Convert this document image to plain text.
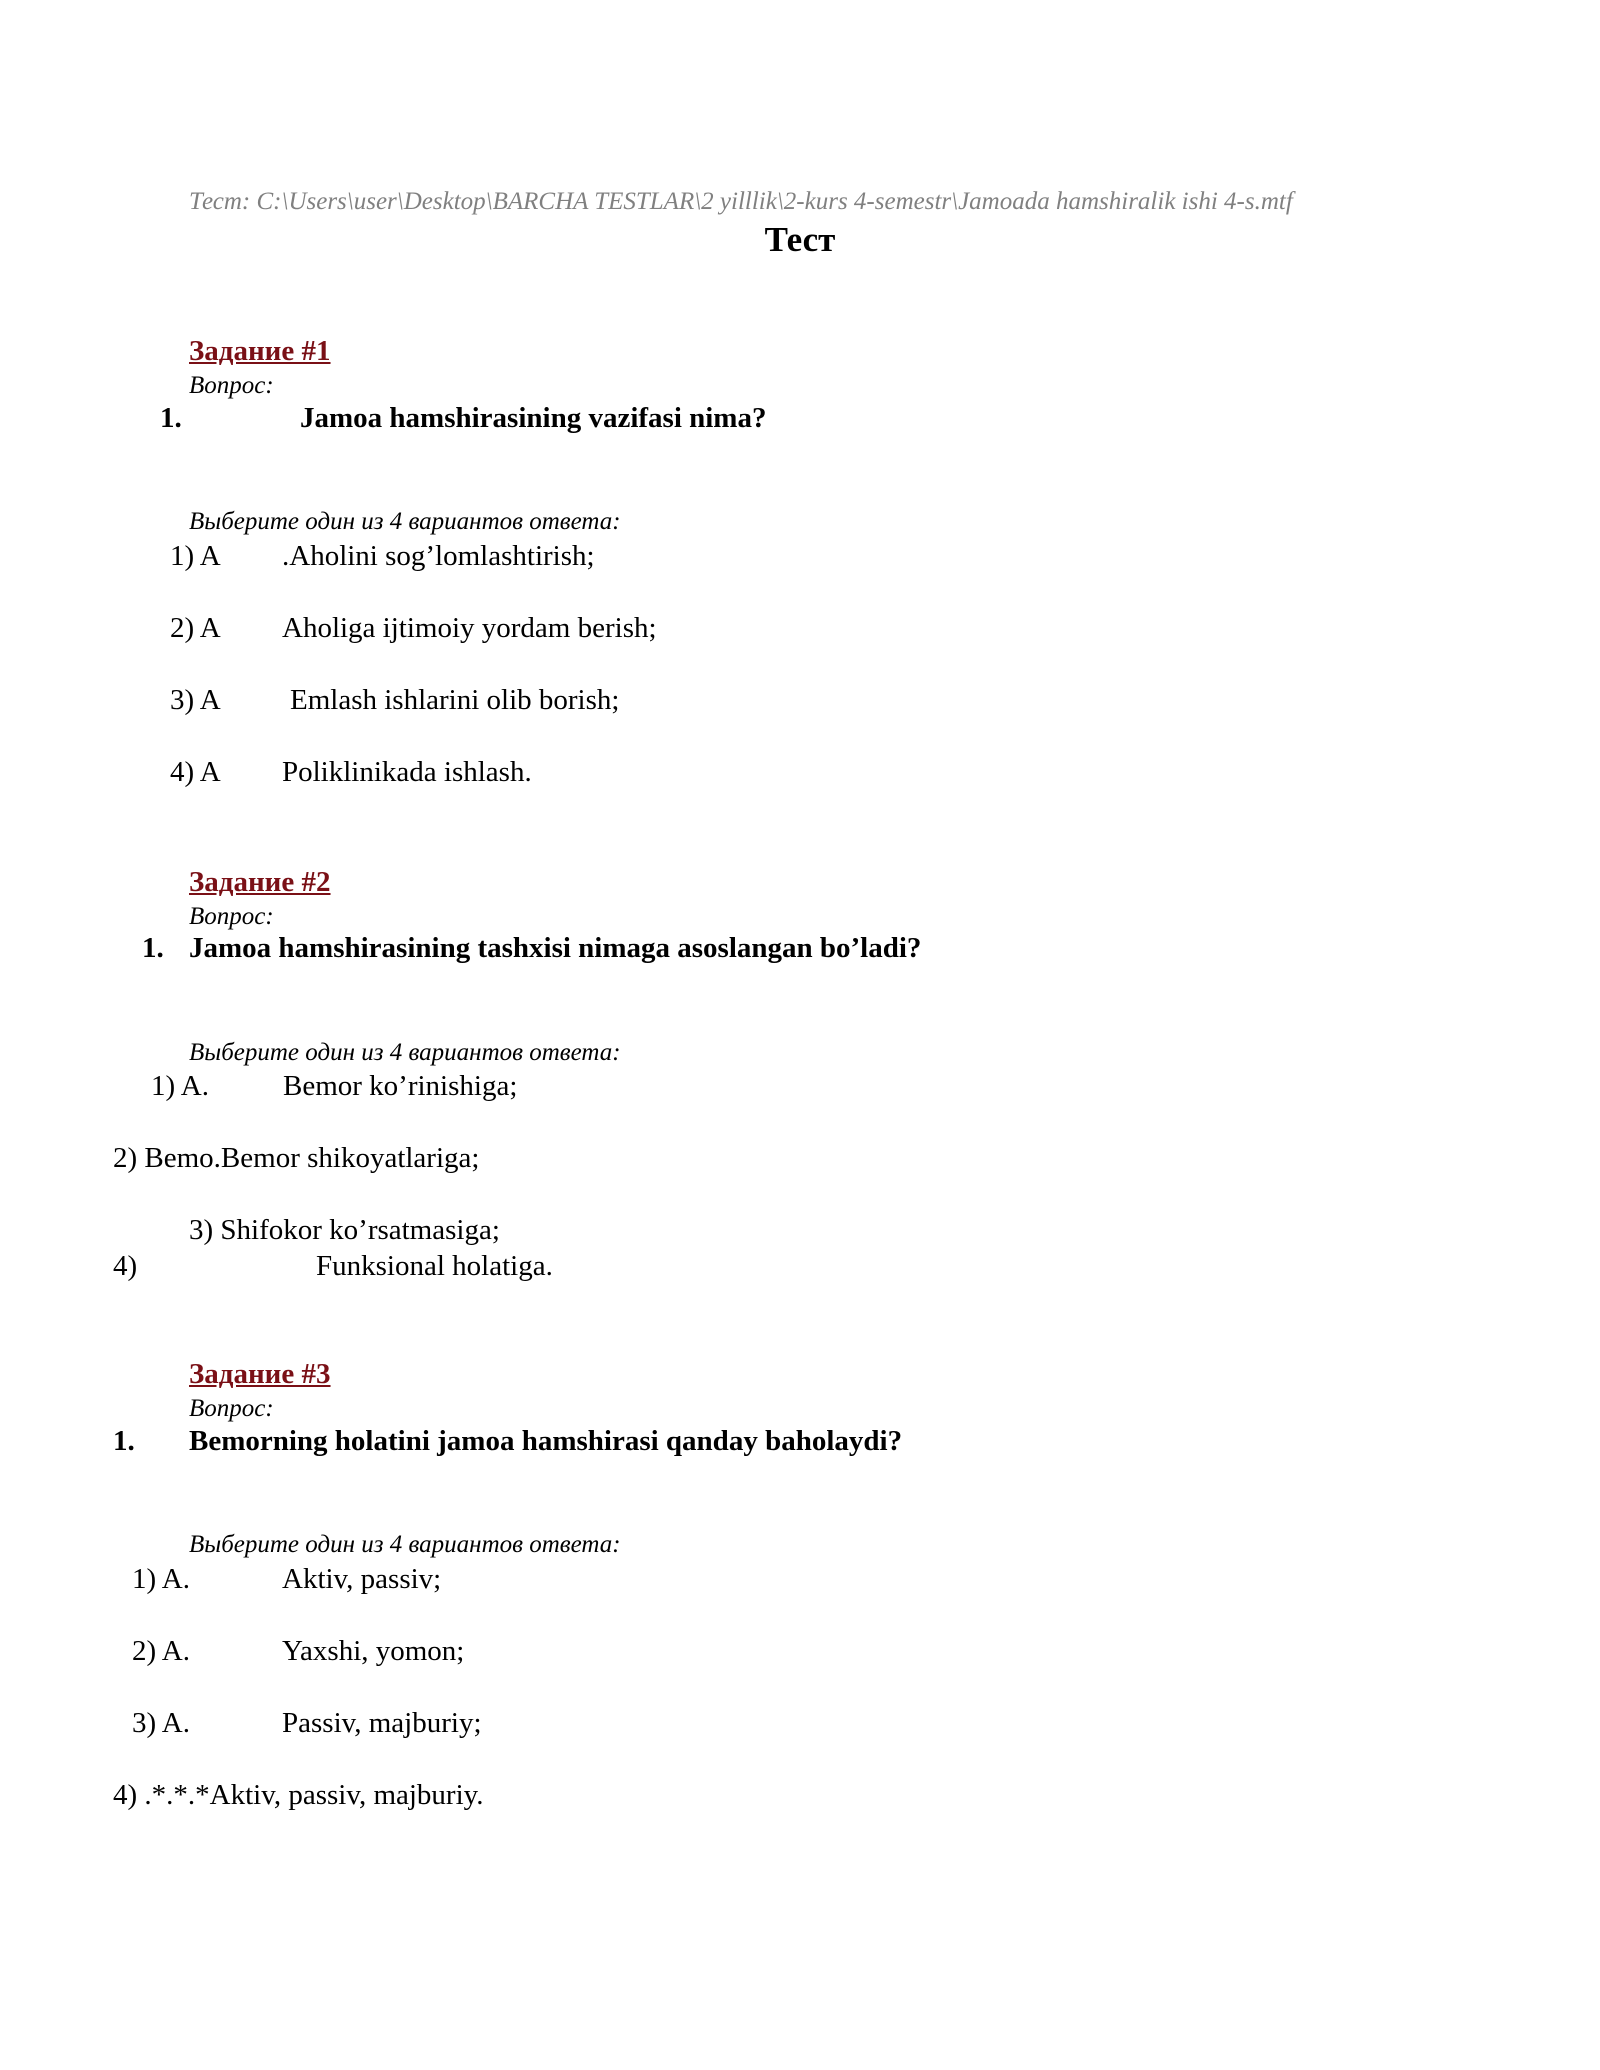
Тест: C:\Users\user\Desktop\BARCHA TESTLAR\2 yilllik\2-kurs 4-semestr\Jamoada hamshiralik ishi 4-s.mtf
Тест
Задание #1
Вопрос:
1.	Jamoa hamshirasining vazifasi nima?
Выберите один из 4 вариантов ответа:
1) A .Aholini sog’lomlashtirish;
2) A Aholiga ijtimoiy yordam berish;
3) A Emlash ishlarini olib borish;
4) A Poliklinikada ishlash.
Задание #2
Вопрос:
1. Jamoa hamshirasining tashxisi nimaga asoslangan bo’ladi?
Выберите один из 4 вариантов ответа:
1) A.	Bemor ko’rinishiga;
2) Bemo.Bemor shikoyatlariga;
3) Shifokor ko’rsatmasiga;
4)	Funksional holatiga.
Задание #3
Вопрос:
1. Bemorning holatini jamoa hamshirasi qanday baholaydi?
Выберите один из 4 вариантов ответа:
1) A.	Aktiv, passiv;
2) A.	Yaxshi, yomon;
3) A.	Passiv, majburiy;
4) .*.*.*Aktiv, passiv, majburiy.
